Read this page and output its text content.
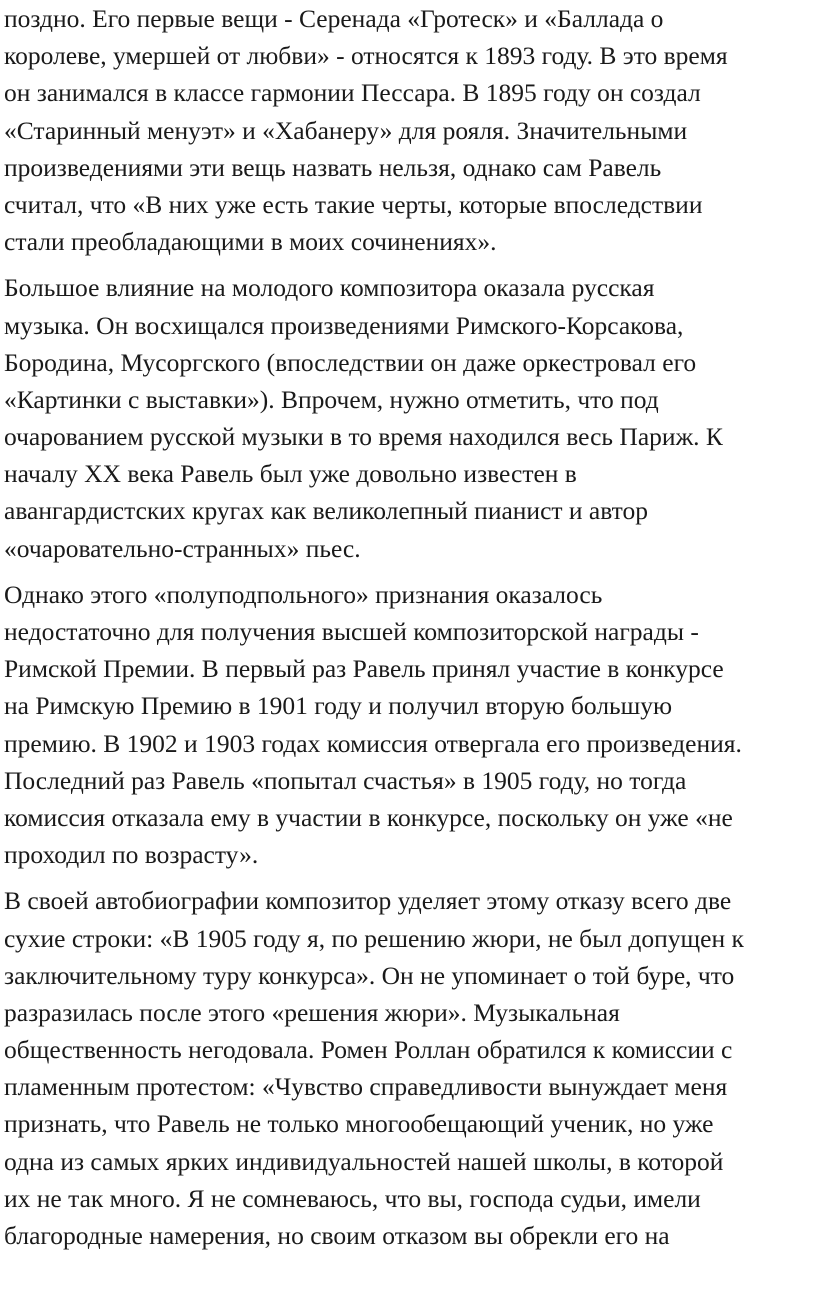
поздно. Его первые вещи - Серенада «Гротеск» и «Баллада о
королеве, умершей от любви» - относятся к 1893 году. В это время
он занимался в классе гармонии Пессара. В 1895 году он создал
«Старинный менуэт» и «Хабанеру» для рояля. Значительными
произведениями эти вещь назвать нельзя, однако сам Равель
считал, что «В них уже есть такие черты, которые впоследствии
стали преобладающими в моих сочинениях».

Большое влияние на молодого композитора оказала русская
музыка. Он восхищался произведениями Римского-Корсакова,
Бородина, Мусоргского (впоследствии он даже оркестровал его
«Картинки с выставки»). Впрочем, нужно отметить, что под
очарованием русской музыки в то время находился весь Париж. К
началу XX века Равель был уже довольно известен в
авангардистских кругах как великолепный пианист и автор
«очаровательно-странных» пьес.

Однако этого «полуподпольного» признания оказалось
недостаточно для получения высшей композиторской награды -
Римской Премии. В первый раз Равель принял участие в конкурсе
на Римскую Премию в 1901 году и получил вторую большую
премию. В 1902 и 1903 годах комиссия отвергала его произведения.
Последний раз Равель «попытал счастья» в 1905 году, но тогда
комиссия отказала ему в участии в конкурсе, поскольку он уже «не
проходил по возрасту».

В своей автобиографии композитор уделяет этому отказу всего две
сухие строки: «В 1905 году я, по решению жюри, не был допущен к
заключительному туру конкурса». Он не упоминает о той буре, что
разразилась после этого «решения жюри». Музыкальная
общественность негодовала. Ромен Роллан обратился к комиссии с
пламенным протестом: «Чувство справедливости вынуждает меня
признать, что Равель не только многообещающий ученик, но уже
одна из самых ярких индивидуальностей нашей школы, в которой
их не так много. Я не сомневаюсь, что вы, господа судьи, имели
благородные намерения, но своим отказом вы обрекли его на
